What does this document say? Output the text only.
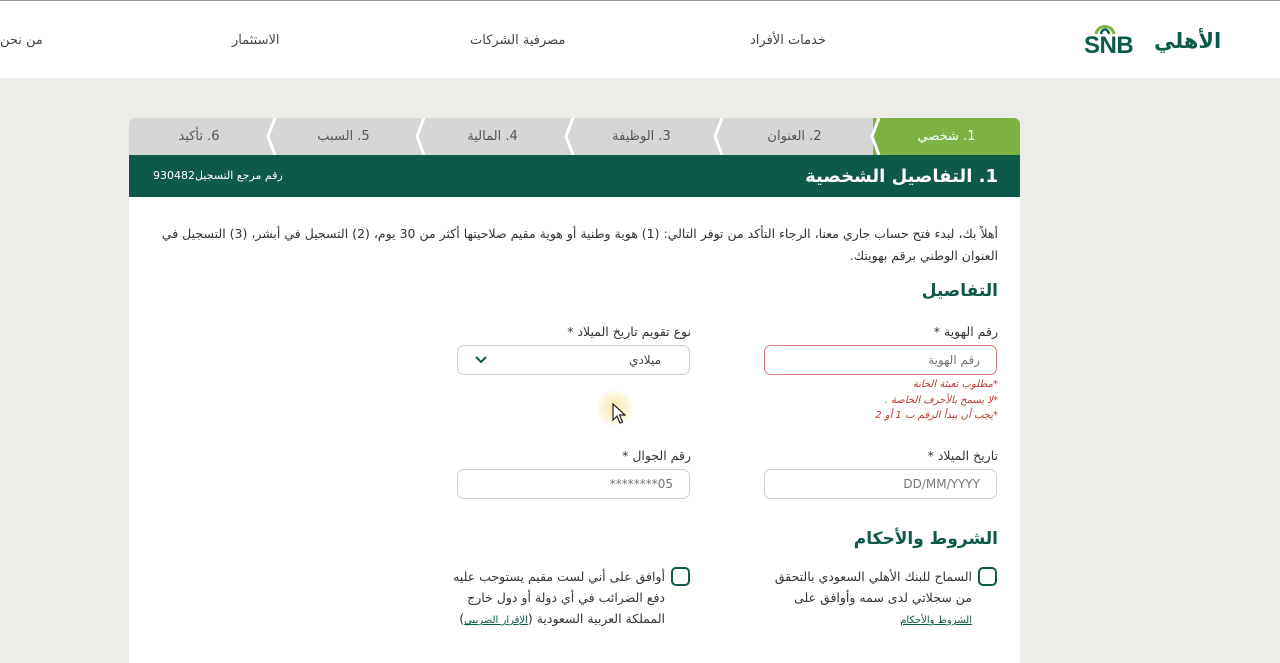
من نحن	الاستثمار	مصرفية الشركات	خدمات الأفراد	SNB الأهلي
6. تأكيد	5. السبب	4. المالية	3. الوظيفة	2. العنوان	1. شخصي
1. التفاصيل الشخصية
رقم مرجع التسجيل930482

أهلاً بك، لبدء فتح حساب جاري معنا، الرجاء التأكد من توفر التالي: (1) هوية وطنية أو هوية مقيم صلاحيتها أكثر من 30 يوم، (2) التسجيل في أبشر، (3) التسجيل في العنوان الوطني برقم بهويتك.

التفاصيل
رقم الهوية *
رقم الهوية
*مطلوب تعبئة الخانة
*لا يسمح بالأحرف الخاصة .
*يجب أن يبدأ الرقم ب 1 أو 2
نوع تقويم تاريخ الميلاد *
ميلادي
تاريخ الميلاد *
DD/MM/YYYY
رقم الجوال *
05********
الشروط والأحكام
السماح للبنك الأهلي السعودي بالتحقق من سجلاتي لدى سمه وأوافق على الشروط والأحكام
أوافق على أني لست مقيم يستوجب عليه دفع الضرائب في أي دولة أو دول خارج المملكة العربية السعودية (الإقرار الضريبي)
